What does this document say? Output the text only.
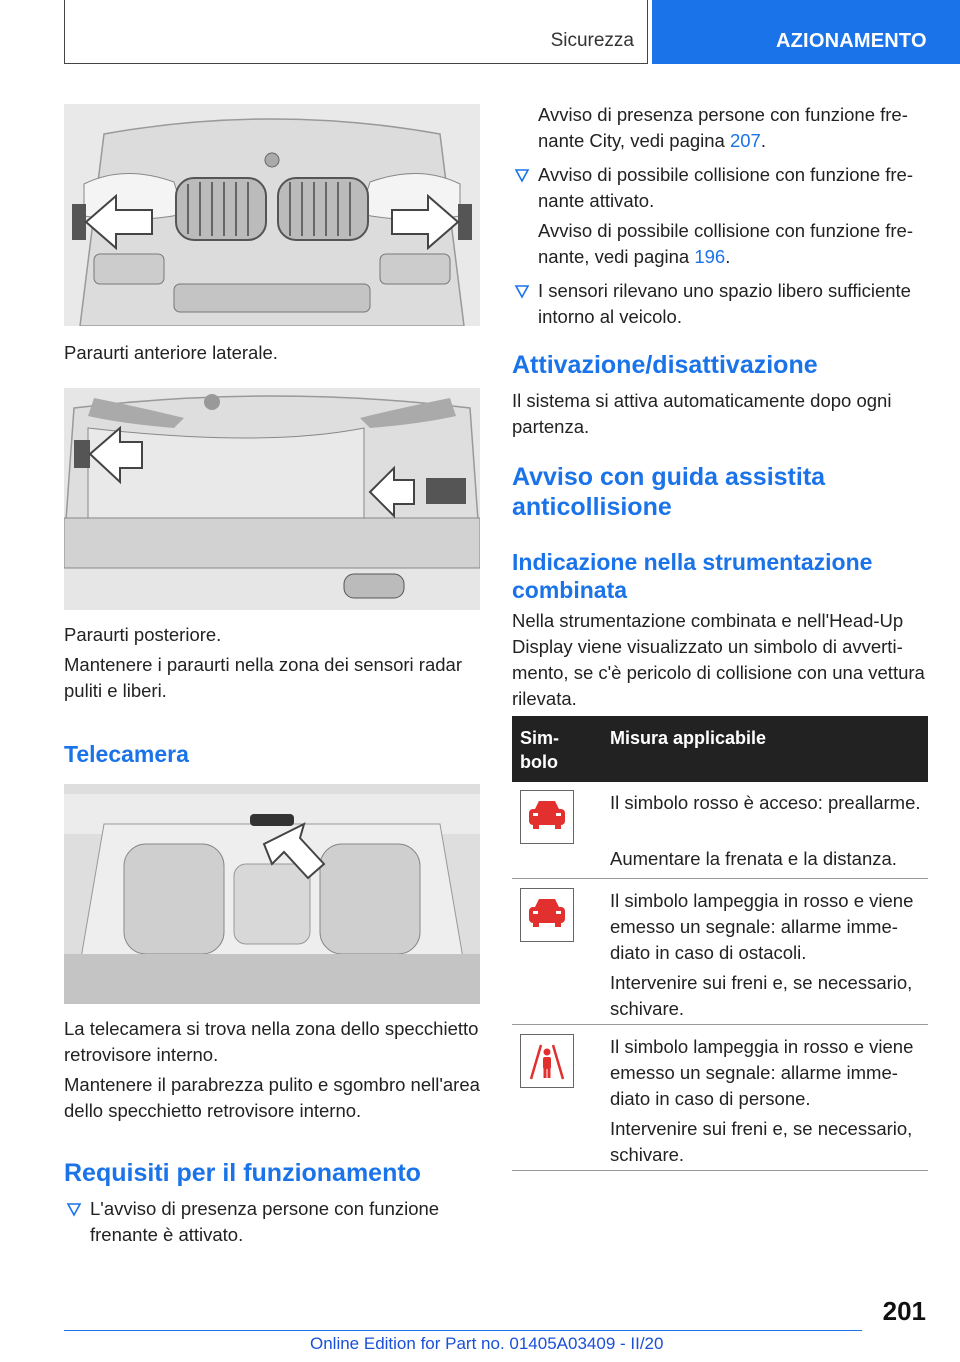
Sicurezza	AZIONAMENTO

Paraurti anteriore laterale.

Paraurti posteriore.

Mantenere i paraurti nella zona dei sensori radar puliti e liberi.

Telecamera

La telecamera si trova nella zona dello specchietto retrovisore interno.

Mantenere il parabrezza pulito e sgombro nell'area dello specchietto retrovisore interno.

Requisiti per il funzionamento

L'avviso di presenza persone con funzione frenante è attivato.

Avviso di presenza persone con funzione frenante City, vedi pagina 207.

Avviso di possibile collisione con funzione frenante attivato.

Avviso di possibile collisione con funzione frenante, vedi pagina 196.

I sensori rilevano uno spazio libero sufficiente intorno al veicolo.

Attivazione/disattivazione

Il sistema si attiva automaticamente dopo ogni partenza.

Avviso con guida assistita
anticollisione
Indicazione nella strumentazione
combinata

Nella strumentazione combinata e nell'Head-Up Display viene visualizzato un simbolo di avvertimento, se c'è pericolo di collisione con una vettura rilevata.

Sim-
bolo
Misura applicabile

Il simbolo rosso è acceso: preallarme.

Aumentare la frenata e la distanza.

Il simbolo lampeggia in rosso e viene emesso un segnale: allarme immediato in caso di ostacoli.

Intervenire sui freni e, se necessario, schivare.

Il simbolo lampeggia in rosso e viene emesso un segnale: allarme immediato in caso di persone.

Intervenire sui freni e, se necessario, schivare.

201
Online Edition for Part no. 01405A03409 - II/20
